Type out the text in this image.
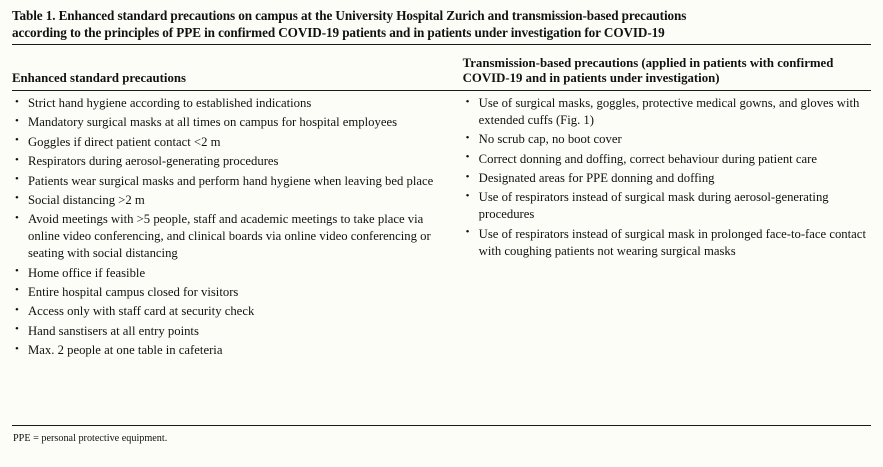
Table 1. Enhanced standard precautions on campus at the University Hospital Zurich and transmission-based precautions
according to the principles of PPE in confirmed COVID-19 patients and in patients under investigation for COVID-19
Enhanced standard precautions
Transmission-based precautions (applied in patients with confirmed
COVID-19 and in patients under investigation)
• Strict hand hygiene according to established indications
• Mandatory surgical masks at all times on campus for hospital employees
• Goggles if direct patient contact <2 m
• Respirators during aerosol-generating procedures
• Patients wear surgical masks and perform hand hygiene when leaving bed place
• Social distancing >2 m
• Avoid meetings with >5 people, staff and academic meetings to take place via online video conferencing, and clinical boards via online video conferencing or seating with social distancing
• Home office if feasible
• Entire hospital campus closed for visitors
• Access only with staff card at security check
• Hand sanstisers at all entry points
• Max. 2 people at one table in cafeteria
• Use of surgical masks, goggles, protective medical gowns, and gloves with extended cuffs (Fig. 1)
• No scrub cap, no boot cover
• Correct donning and doffing, correct behaviour during patient care
• Designated areas for PPE donning and doffing
• Use of respirators instead of surgical mask during aerosol-generating procedures
• Use of respirators instead of surgical mask in prolonged face-to-face contact with coughing patients not wearing surgical masks
PPE = personal protective equipment.
